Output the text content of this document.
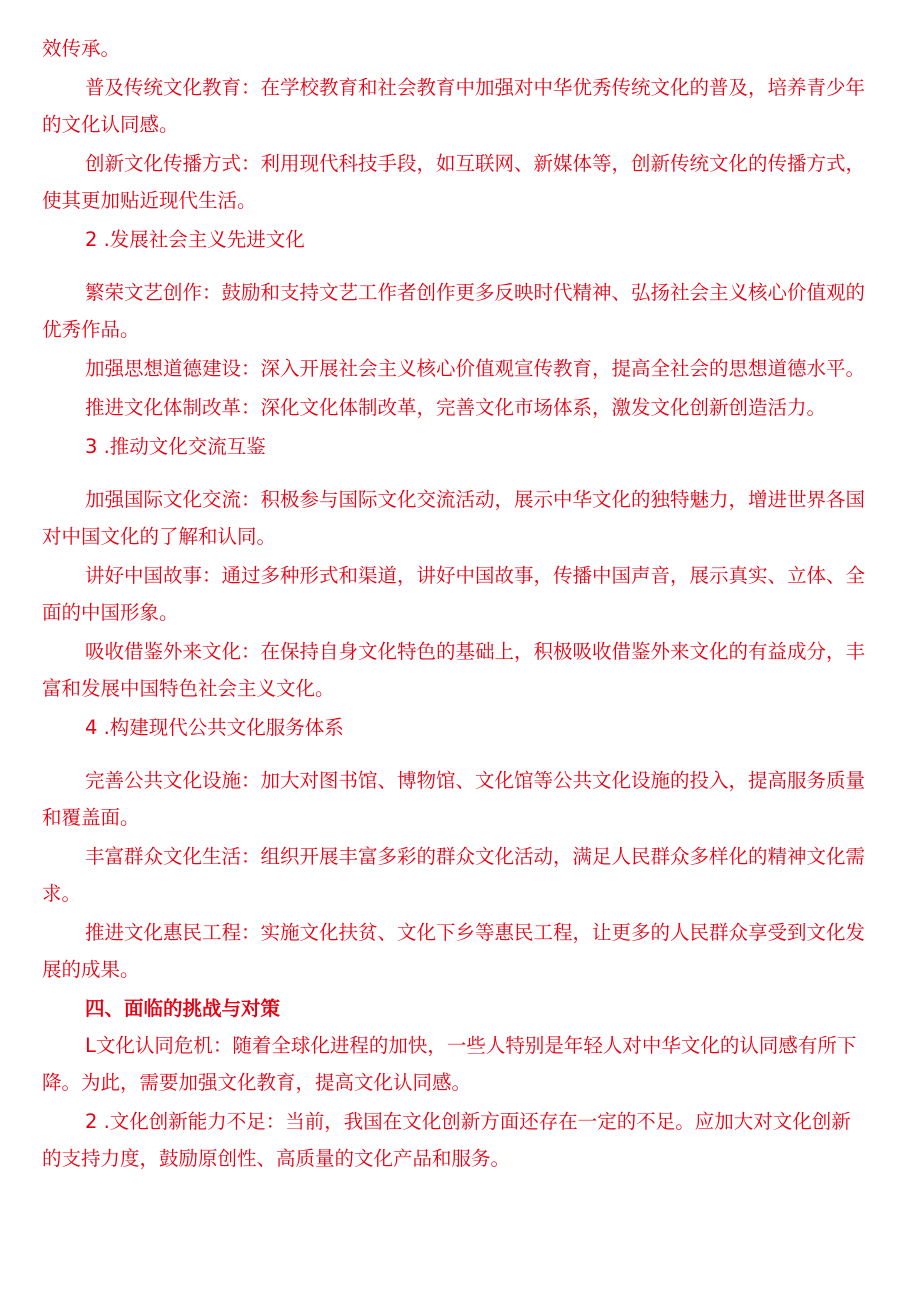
效传承。
普及传统文化教育：在学校教育和社会教育中加强对中华优秀传统文化的普及，培养青少年
的文化认同感。
创新文化传播方式：利用现代科技手段，如互联网、新媒体等，创新传统文化的传播方式，
使其更加贴近现代生活。
2 .发展社会主义先进文化
繁荣文艺创作：鼓励和支持文艺工作者创作更多反映时代精神、弘扬社会主义核心价值观的
优秀作品。
加强思想道德建设：深入开展社会主义核心价值观宣传教育，提高全社会的思想道德水平。
推进文化体制改革：深化文化体制改革，完善文化市场体系，激发文化创新创造活力。
3 .推动文化交流互鉴
加强国际文化交流：积极参与国际文化交流活动，展示中华文化的独特魅力，增进世界各国
对中国文化的了解和认同。
讲好中国故事：通过多种形式和渠道，讲好中国故事，传播中国声音，展示真实、立体、全
面的中国形象。
吸收借鉴外来文化：在保持自身文化特色的基础上，积极吸收借鉴外来文化的有益成分，丰
富和发展中国特色社会主义文化。
4 .构建现代公共文化服务体系
完善公共文化设施：加大对图书馆、博物馆、文化馆等公共文化设施的投入，提高服务质量
和覆盖面。
丰富群众文化生活：组织开展丰富多彩的群众文化活动，满足人民群众多样化的精神文化需
求。
推进文化惠民工程：实施文化扶贫、文化下乡等惠民工程，让更多的人民群众享受到文化发
展的成果。
四、面临的挑战与对策
L文化认同危机：随着全球化进程的加快，一些人特别是年轻人对中华文化的认同感有所下
降。为此，需要加强文化教育，提高文化认同感。
2 .文化创新能力不足：当前，我国在文化创新方面还存在一定的不足。应加大对文化创新
的支持力度，鼓励原创性、高质量的文化产品和服务。
